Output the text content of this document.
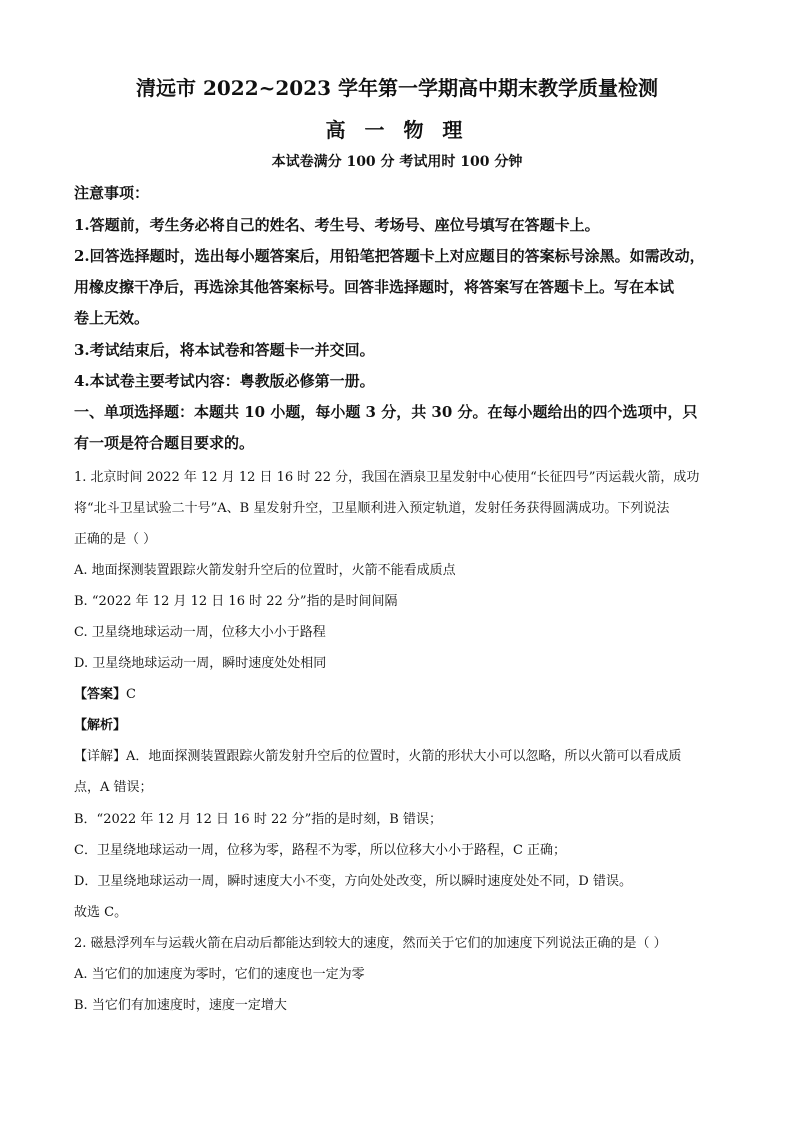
清远市 2022~2023 学年第一学期高中期末教学质量检测
高 一 物 理
本试卷满分 100 分 考试用时 100 分钟
注意事项：
1.答题前，考生务必将自己的姓名、考生号、考场号、座位号填写在答题卡上。
2.回答选择题时，选出每小题答案后，用铅笔把答题卡上对应题目的答案标号涂黑。如需改动，
用橡皮擦干净后，再选涂其他答案标号。回答非选择题时，将答案写在答题卡上。写在本试
卷上无效。
3.考试结束后，将本试卷和答题卡一并交回。
4.本试卷主要考试内容：粤教版必修第一册。
一、单项选择题：本题共 10 小题，每小题 3 分，共 30 分。在每小题给出的四个选项中，只
有一项是符合题目要求的。
1. 北京时间 2022 年 12 月 12 日 16 时 22 分，我国在酒泉卫星发射中心使用“长征四号”丙运载火箭，成功
将“北斗卫星试验二十号”A、B 星发射升空，卫星顺利进入预定轨道，发射任务获得圆满成功。下列说法
正确的是（ ）
A. 地面探测装置跟踪火箭发射升空后的位置时，火箭不能看成质点
B. “2022 年 12 月 12 日 16 时 22 分”指的是时间间隔
C. 卫星绕地球运动一周，位移大小小于路程
D. 卫星绕地球运动一周，瞬时速度处处相同
【答案】C
【解析】
【详解】A．地面探测装置跟踪火箭发射升空后的位置时，火箭的形状大小可以忽略，所以火箭可以看成质
点，A 错误；
B．“2022 年 12 月 12 日 16 时 22 分”指的是时刻，B 错误；
C．卫星绕地球运动一周，位移为零，路程不为零，所以位移大小小于路程，C 正确；
D．卫星绕地球运动一周，瞬时速度大小不变，方向处处改变，所以瞬时速度处处不同，D 错误。
故选 C。
2. 磁悬浮列车与运载火箭在启动后都能达到较大的速度，然而关于它们的加速度下列说法正确的是（ ）
A. 当它们的加速度为零时，它们的速度也一定为零
B. 当它们有加速度时，速度一定增大
